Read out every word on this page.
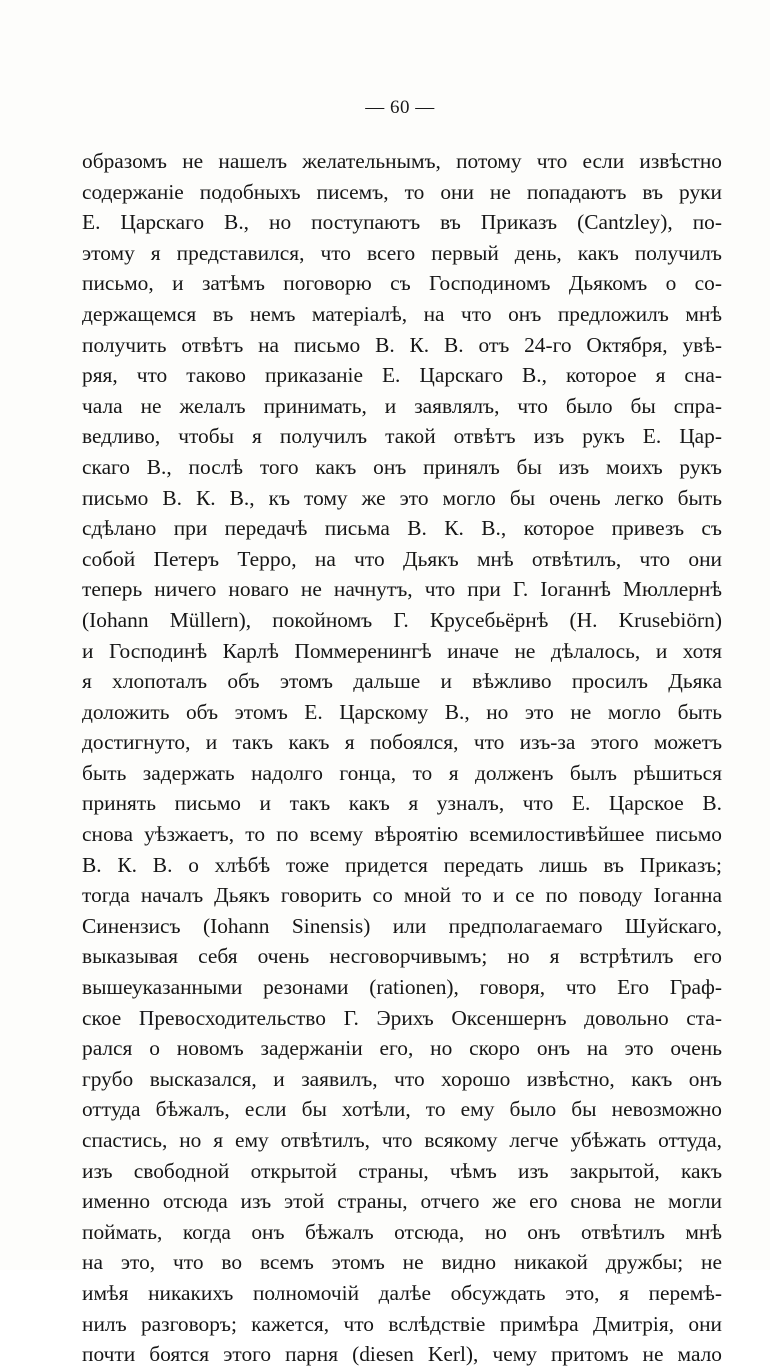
— 60 —
образомъ не нашелъ желательнымъ, потому что если извѣстно
содержаніе подобныхъ писемъ, то они не попадаютъ въ руки
Е. Царскаго В., но поступаютъ въ Приказъ (Cantzley), по-
этому я представился, что всего первый день, какъ получилъ
письмо, и затѣмъ поговорю съ Господиномъ Дьякомъ о со-
держащемся въ немъ матеріалѣ, на что онъ предложилъ мнѣ
получить отвѣтъ на письмо В. К. В. отъ 24-го Октября, увѣ-
ряя, что таково приказаніе Е. Царскаго В., которое я сна-
чала не желалъ принимать, и заявлялъ, что было бы спра-
ведливо, чтобы я получилъ такой отвѣтъ изъ рукъ Е. Цар-
скаго В., послѣ того какъ онъ принялъ бы изъ моихъ рукъ
письмо В. К. В., къ тому же это могло бы очень легко быть
сдѣлано при передачѣ письма В. К. В., которое привезъ съ
собой Петеръ Терро, на что Дьякъ мнѣ отвѣтилъ, что они
теперь ничего новаго не начнутъ, что при Г. Іоганнѣ Мюллернѣ
(Iohann Müllern), покойномъ Г. Крусебьёрнѣ (H. Krusebiörn)
и Господинѣ Карлѣ Поммеренингѣ иначе не дѣлалось, и хотя
я хлопоталъ объ этомъ дальше и вѣжливо просилъ Дьяка
доложить объ этомъ Е. Царскому В., но это не могло быть
достигнуто, и такъ какъ я побоялся, что изъ-за этого можетъ
быть задержать надолго гонца, то я долженъ былъ рѣшиться
принять письмо и такъ какъ я узналъ, что Е. Царское В.
снова уѣзжаетъ, то по всему вѣроятію всемилостивѣйшее письмо
В. К. В. о хлѣбѣ тоже придется передать лишь въ Приказъ;
тогда началъ Дьякъ говорить со мной то и се по поводу Іоганна
Синензисъ (Iohann Sinensis) или предполагаемаго Шуйскаго,
выказывая себя очень несговорчивымъ; но я встрѣтилъ его
вышеуказанными резонами (rationen), говоря, что Его Граф-
ское Превосходительство Г. Эрихъ Оксеншернъ довольно ста-
рался о новомъ задержаніи его, но скоро онъ на это очень
грубо высказался, и заявилъ, что хорошо извѣстно, какъ онъ
оттуда бѣжалъ, если бы хотѣли, то ему было бы невозможно
спастись, но я ему отвѣтилъ, что всякому легче убѣжать оттуда,
изъ свободной открытой страны, чѣмъ изъ закрытой, какъ
именно отсюда изъ этой страны, отчего же его снова не могли
поймать, когда онъ бѣжалъ отсюда, но онъ отвѣтилъ мнѣ
на это, что во всемъ этомъ не видно никакой дружбы; не
имѣя никакихъ полномочій далѣе обсуждать это, я перемѣ-
нилъ разговоръ; кажется, что вслѣдствіе примѣра Дмитрія, они
почти боятся этого парня (diesen Kerl), чему притомъ не мало
